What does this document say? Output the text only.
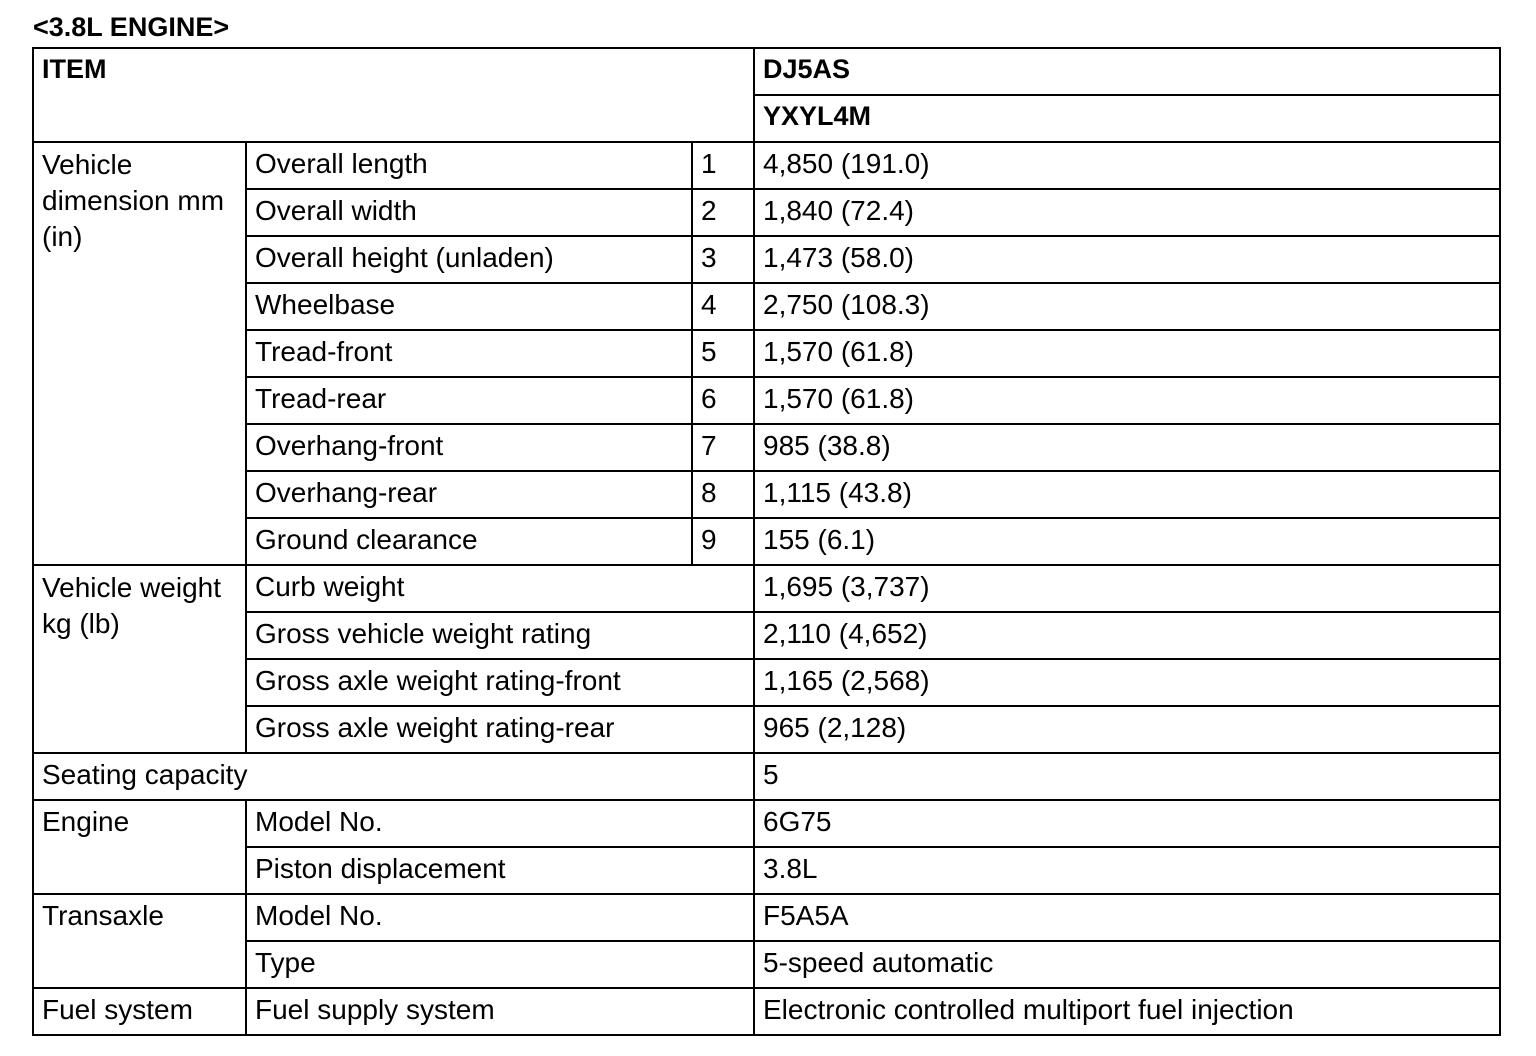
<3.8L ENGINE>
ITEM			DJ5AS
			YXYL4M
Vehicle dimension mm (in)	Overall length	1	4,850 (191.0)
	Overall width	2	1,840 (72.4)
	Overall height (unladen)	3	1,473 (58.0)
	Wheelbase	4	2,750 (108.3)
	Tread-front	5	1,570 (61.8)
	Tread-rear	6	1,570 (61.8)
	Overhang-front	7	985 (38.8)
	Overhang-rear	8	1,115 (43.8)
	Ground clearance	9	155 (6.1)
Vehicle weight kg (lb)	Curb weight		1,695 (3,737)
	Gross vehicle weight rating		2,110 (4,652)
	Gross axle weight rating-front		1,165 (2,568)
	Gross axle weight rating-rear		965 (2,128)
Seating capacity			5
Engine	Model No.		6G75
	Piston displacement		3.8L
Transaxle	Model No.		F5A5A
	Type		5-speed automatic
Fuel system	Fuel supply system		Electronic controlled multiport fuel injection
